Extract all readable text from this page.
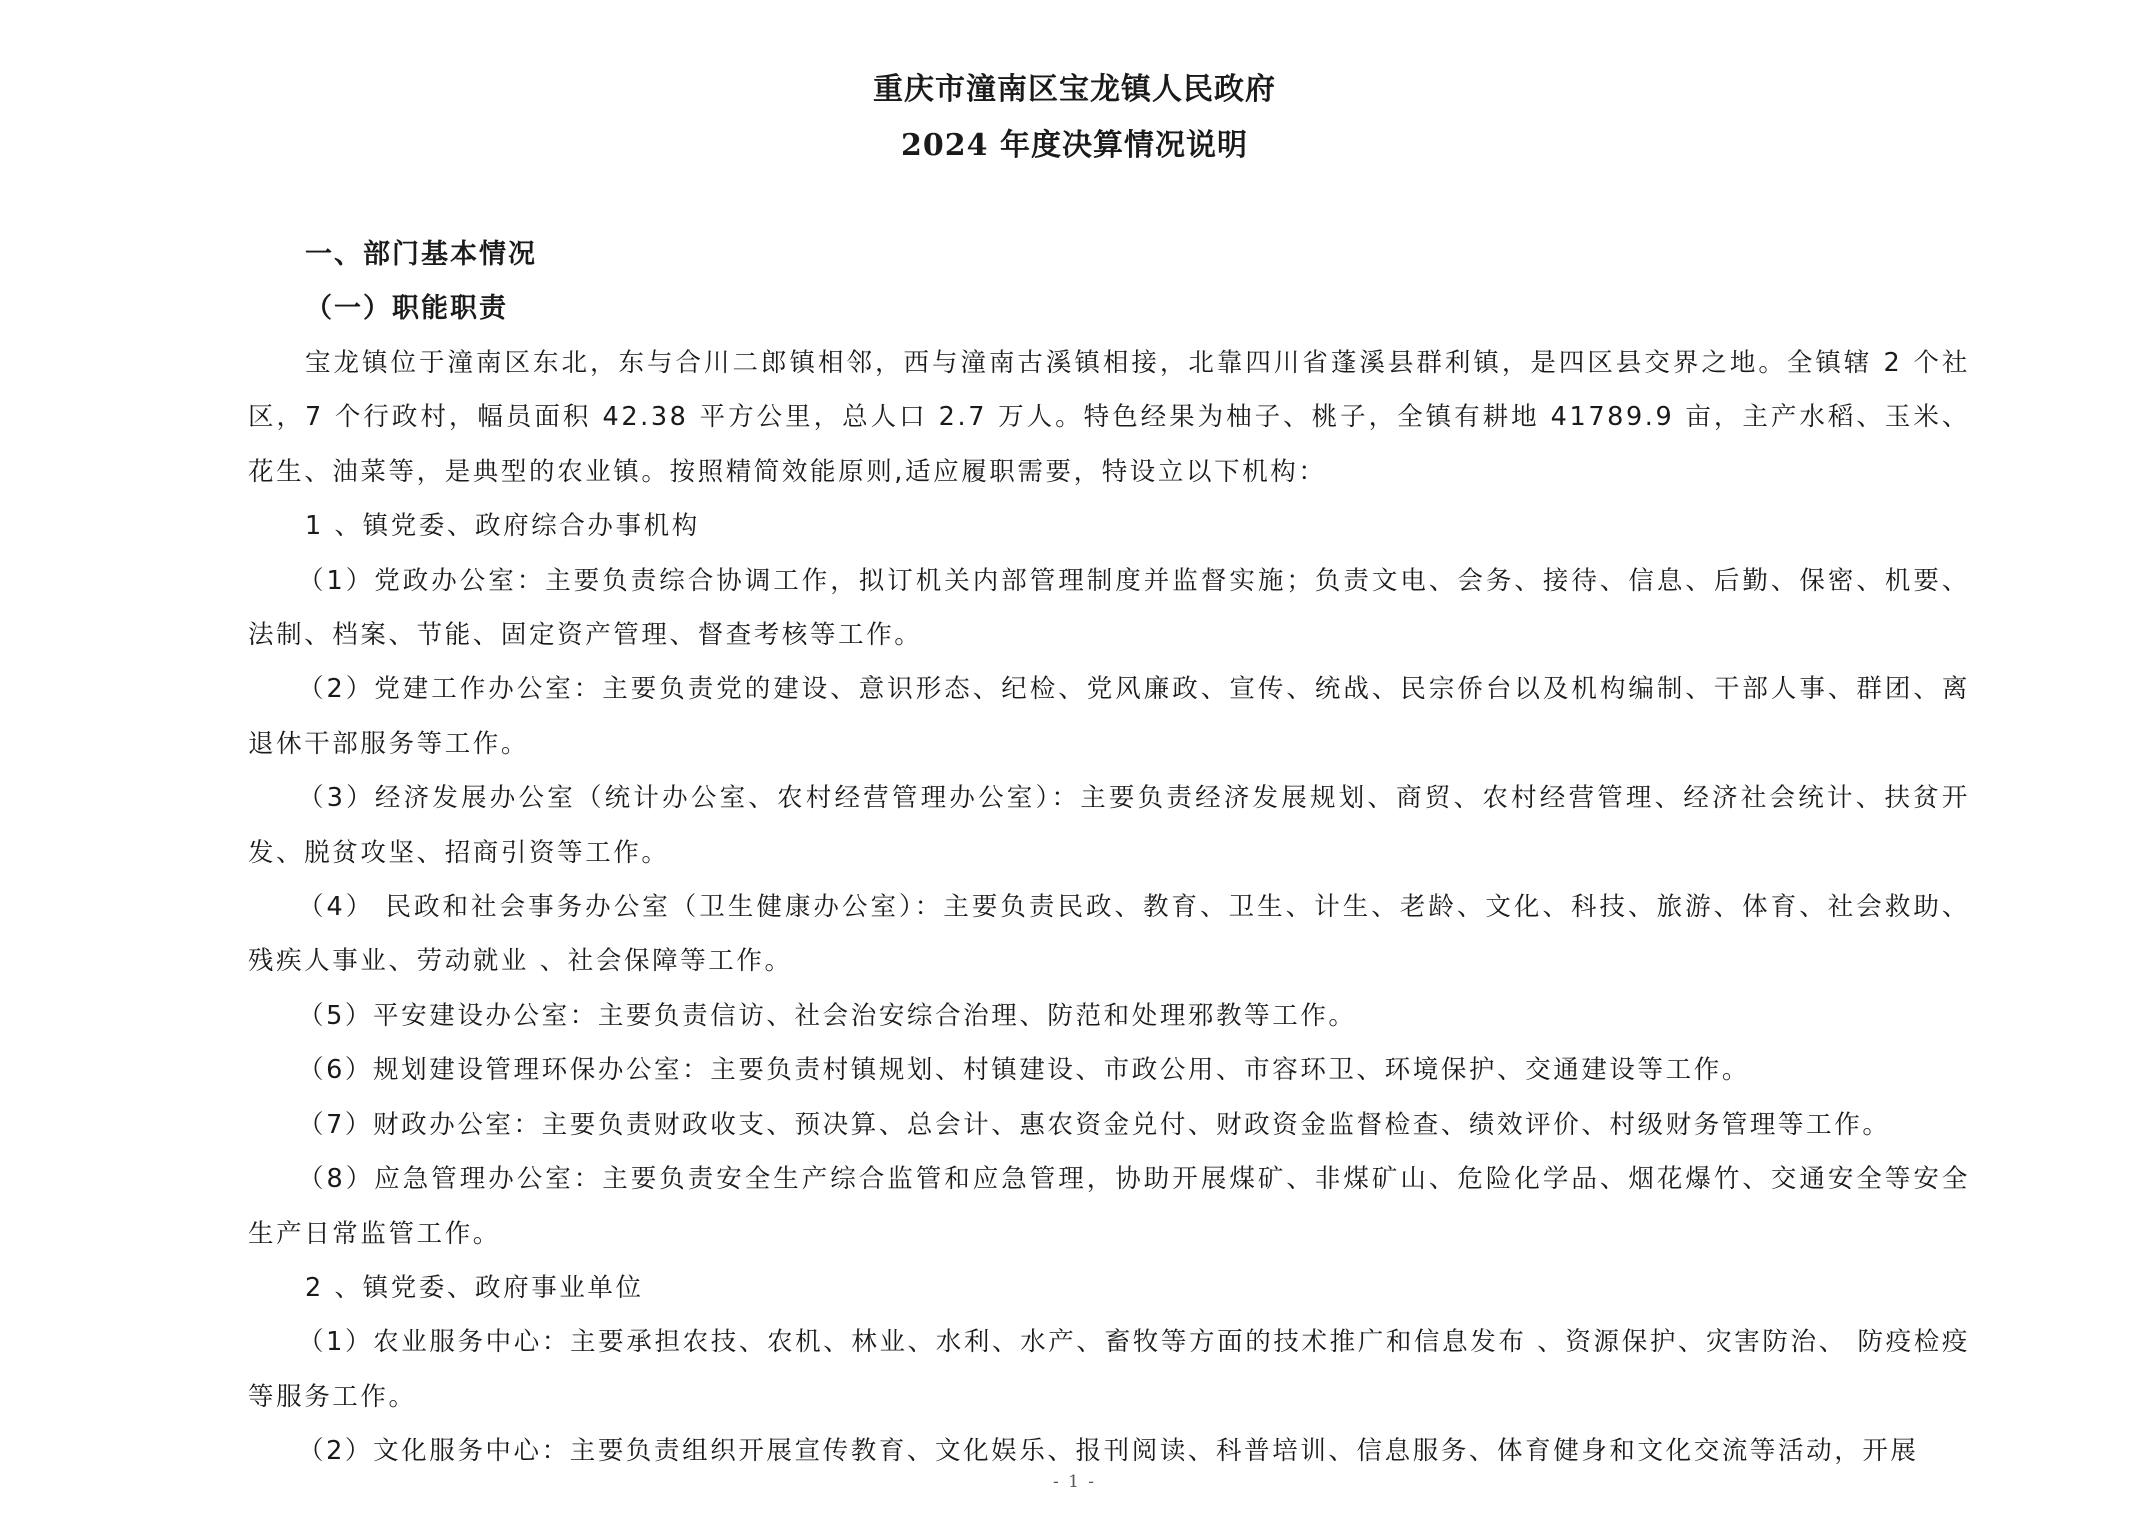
重庆市潼南区宝龙镇人民政府
2024 年度决算情况说明
一、部门基本情况
（一）职能职责

宝龙镇位于潼南区东北，东与合川二郎镇相邻，西与潼南古溪镇相接，北靠四川省蓬溪县群利镇，是四区县交界之地。全镇辖 2 个社区，7 个行政村，幅员面积 42.38 平方公里，总人口 2.7 万人。特色经果为柚子、桃子，全镇有耕地 41789.9 亩，主产水稻、玉米、花生、油菜等，是典型的农业镇。按照精简效能原则,适应履职需要，特设立以下机构：

1 、镇党委、政府综合办事机构

（1）党政办公室：主要负责综合协调工作，拟订机关内部管理制度并监督实施；负责文电、会务、接待、信息、后勤、保密、机要、法制、档案、节能、固定资产管理、督查考核等工作。

（2）党建工作办公室：主要负责党的建设、意识形态、纪检、党风廉政、宣传、统战、民宗侨台以及机构编制、干部人事、群团、离退休干部服务等工作。

（3）经济发展办公室（统计办公室、农村经营管理办公室）：主要负责经济发展规划、商贸、农村经营管理、经济社会统计、扶贫开发、脱贫攻坚、招商引资等工作。

（4） 民政和社会事务办公室（卫生健康办公室）：主要负责民政、教育、卫生、计生、老龄、文化、科技、旅游、体育、社会救助、残疾人事业、劳动就业 、社会保障等工作。

（5）平安建设办公室：主要负责信访、社会治安综合治理、防范和处理邪教等工作。

（6）规划建设管理环保办公室：主要负责村镇规划、村镇建设、市政公用、市容环卫、环境保护、交通建设等工作。

（7）财政办公室：主要负责财政收支、预决算、总会计、惠农资金兑付、财政资金监督检查、绩效评价、村级财务管理等工作。

（8）应急管理办公室：主要负责安全生产综合监管和应急管理，协助开展煤矿、非煤矿山、危险化学品、烟花爆竹、交通安全等安全生产日常监管工作。

2 、镇党委、政府事业单位

（1）农业服务中心：主要承担农技、农机、林业、水利、水产、畜牧等方面的技术推广和信息发布 、资源保护、灾害防治、 防疫检疫等服务工作。

（2）文化服务中心：主要负责组织开展宣传教育、文化娱乐、报刊阅读、科普培训、信息服务、体育健身和文化交流等活动，开展

- 1 -
